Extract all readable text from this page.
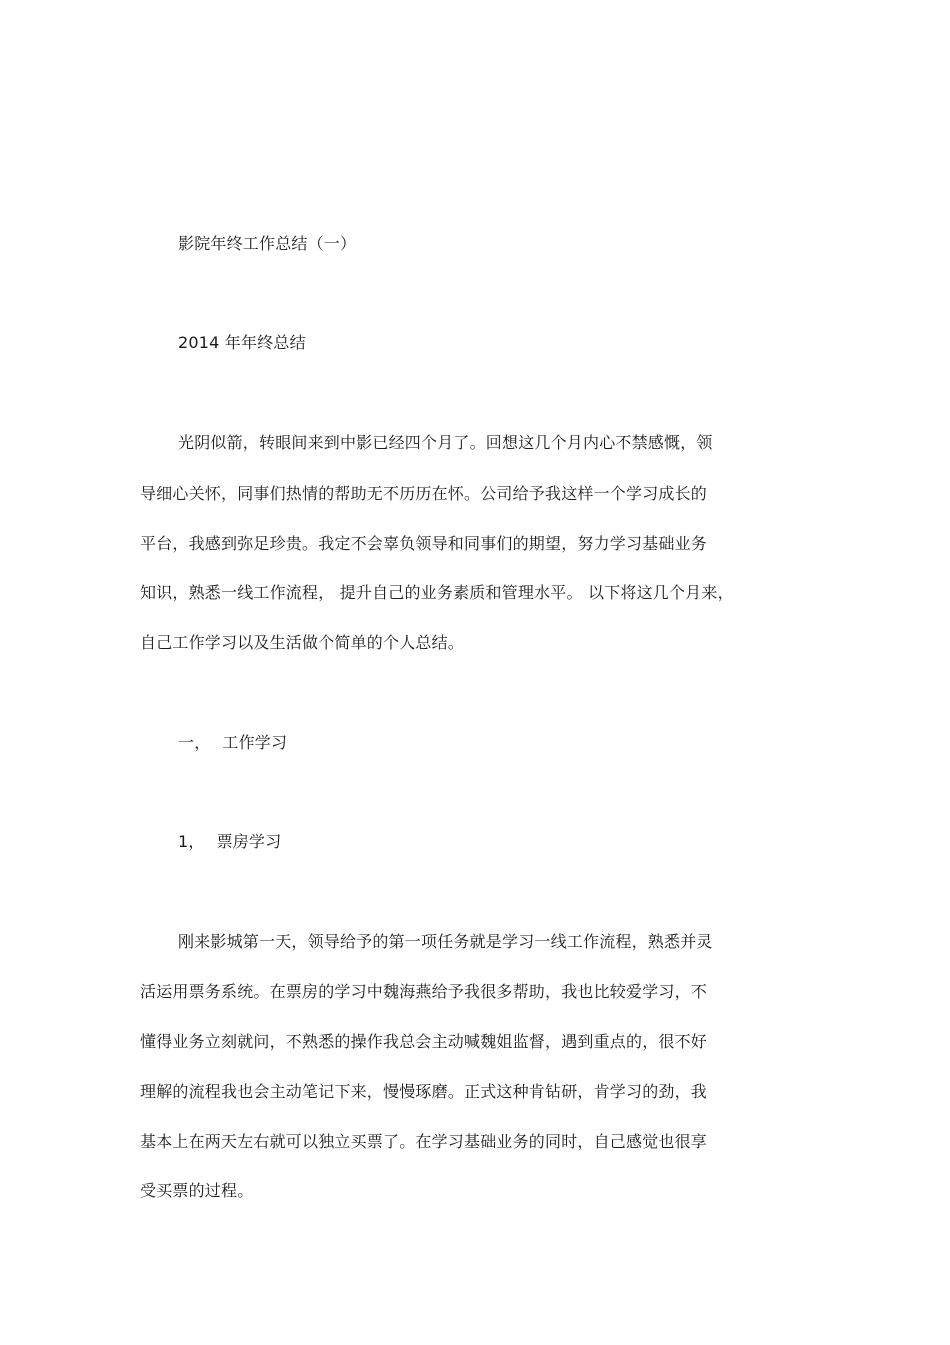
影院年终工作总结（一）
2014 年年终总结
光阴似箭，转眼间来到中影已经四个月了。回想这几个月内心不禁感慨，领
导细心关怀，同事们热情的帮助无不历历在怀。公司给予我这样一个学习成长的
平台，我感到弥足珍贵。我定不会辜负领导和同事们的期望，努力学习基础业务
知识，熟悉一线工作流程， 提升自己的业务素质和管理水平。 以下将这几个月来，
自己工作学习以及生活做个简单的个人总结。
一， 工作学习
1， 票房学习
刚来影城第一天，领导给予的第一项任务就是学习一线工作流程，熟悉并灵
活运用票务系统。在票房的学习中魏海燕给予我很多帮助，我也比较爱学习，不
懂得业务立刻就问，不熟悉的操作我总会主动喊魏姐监督，遇到重点的，很不好
理解的流程我也会主动笔记下来，慢慢琢磨。正式这种肯钻研，肯学习的劲，我
基本上在两天左右就可以独立买票了。在学习基础业务的同时，自己感觉也很享
受买票的过程。
